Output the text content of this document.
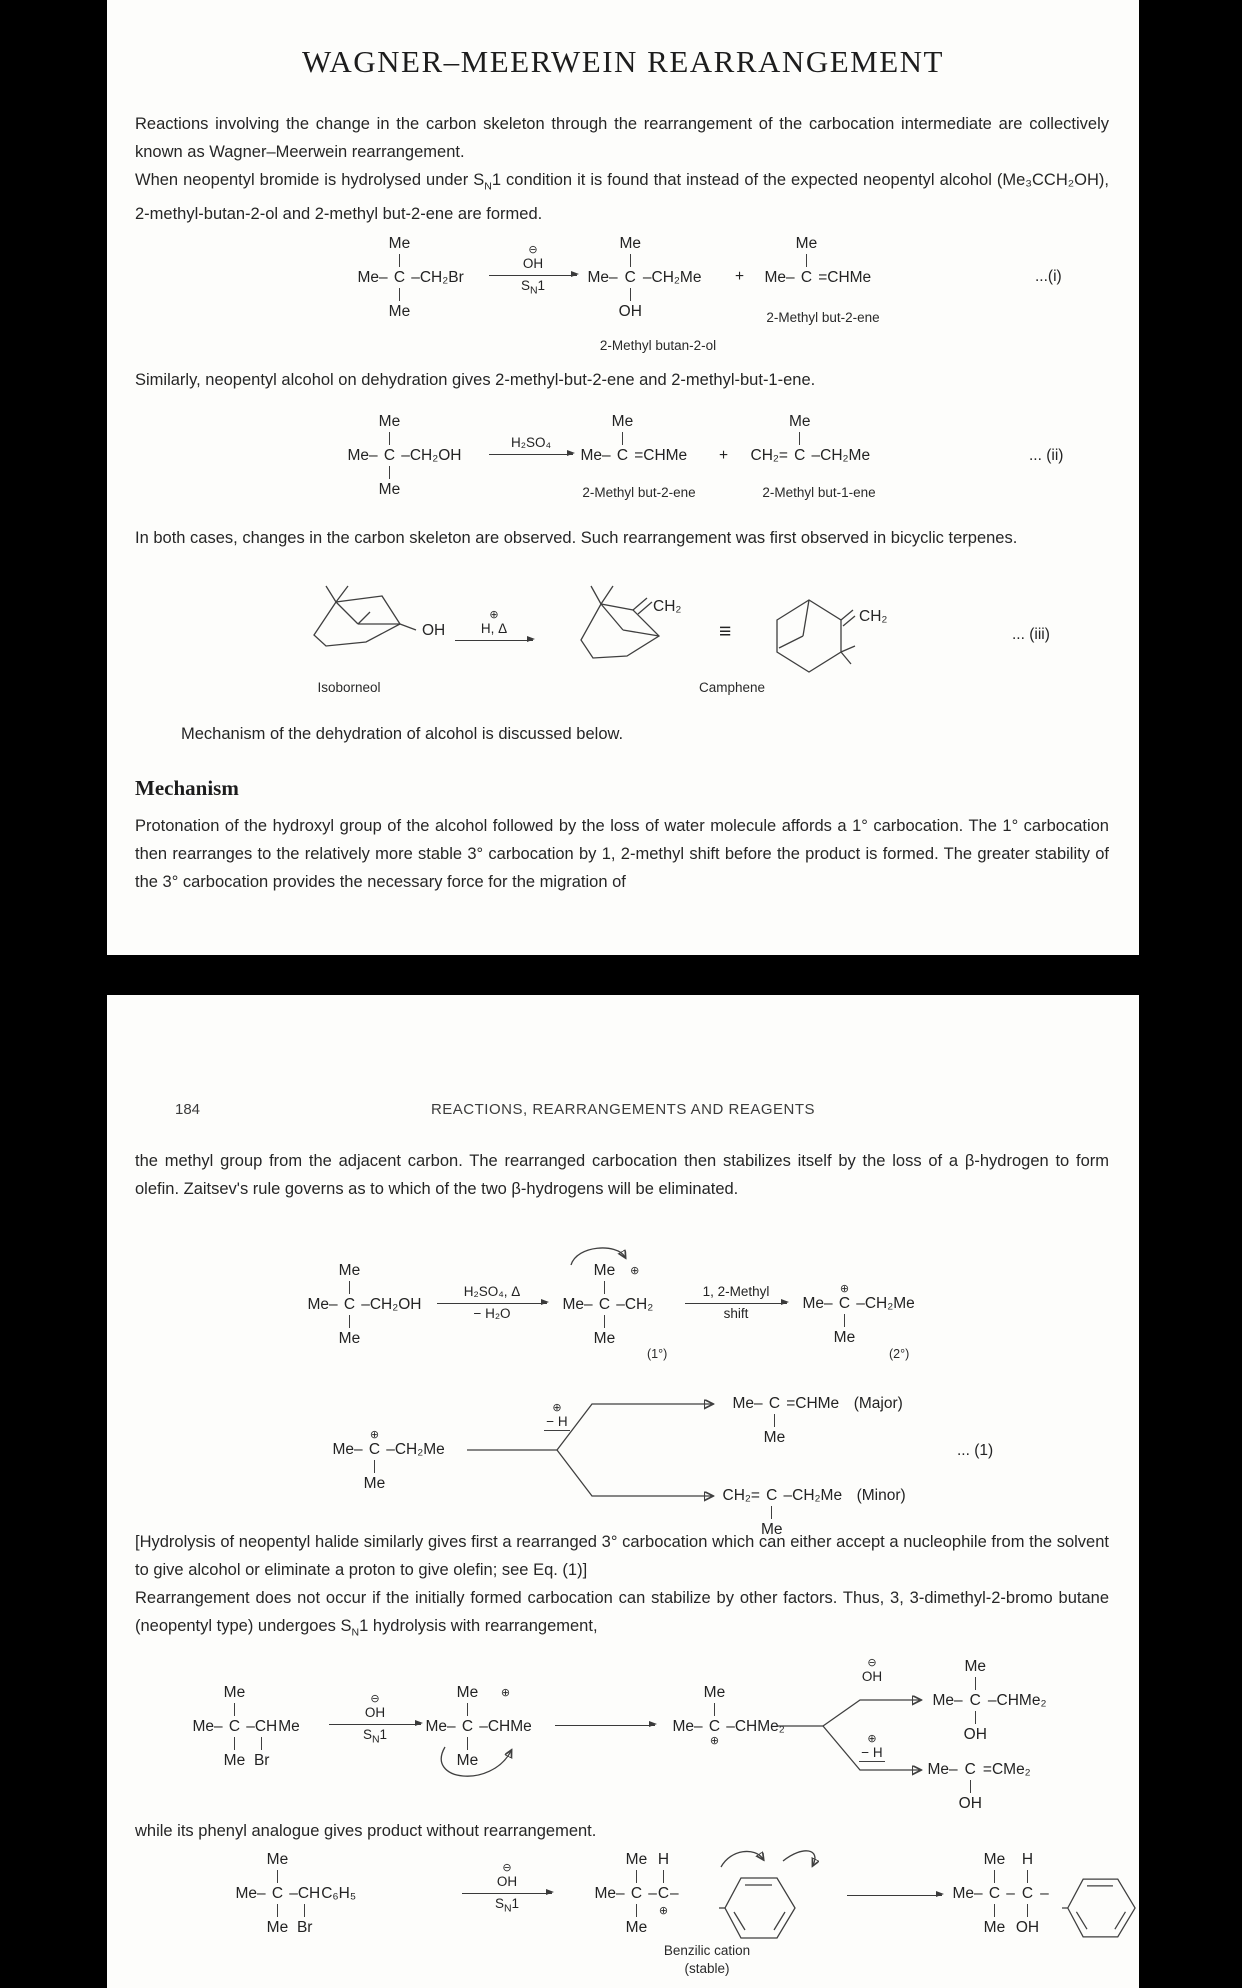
WAGNER–MEERWEIN REARRANGEMENT
Reactions involving the change in the carbon skeleton through the rearrangement of the carbocation intermediate are collectively known as Wagner–Meerwein rearrangement.
When neopentyl bromide is hydrolysed under $S_N1$ condition it is found that instead of the expected neopentyl alcohol (Me₃CCH₂OH), 2-methyl-butan-2-ol and 2-methyl but-2-ene are formed.
	Me	

Me–	C	–CH₂Br

	Me	
⊖
OH
$S_N1$
	Me	

Me–	C	–CH₂Me

	OH	
2-Methyl butan-2-ol
+
	Me	

Me–	C	=CHMe
2-Methyl but-2-ene
...(i)
Similarly, neopentyl alcohol on dehydration gives 2-methyl-but-2-ene and 2-methyl-but-1-ene.
	Me	

Me–	C	–CH₂OH

	Me	
H₂SO₄
	Me	

Me–	C	=CHMe
2-Methyl but-2-ene
+
	Me	

CH₂=	C	–CH₂Me
2-Methyl but-1-ene
... (ii)
In both cases, changes in the carbon skeleton are observed. Such rearrangement was first observed in bicyclic terpenes.
OH
Isoborneol
⊕
H, Δ
CH₂
≡
CH₂
Camphene
... (iii)
Mechanism of the dehydration of alcohol is discussed below.
Mechanism
Protonation of the hydroxyl group of the alcohol followed by the loss of water molecule affords a 1° carbocation. The 1° carbocation then rearranges to the relatively more stable 3° carbocation by 1, 2-methyl shift before the product is formed. The greater stability of the 3° carbocation provides the necessary force for the migration of
184	REACTIONS, REARRANGEMENTS AND REAGENTS
the methyl group from the adjacent carbon. The rearranged carbocation then stabilizes itself by the loss of a β-hydrogen to form olefin. Zaitsev's rule governs as to which of the two β-hydrogens will be eliminated.
	Me	

Me–	C	–CH₂OH

	Me	
H₂SO₄, Δ
− H₂O
	Me	⊕

Me–	C	–CH₂

	Me	
(1°)
1, 2-Methyl
shift
	⊕	
Me–	C	–CH₂Me

	Me	
(2°)
	⊕	
Me–	C	–CH₂Me

	Me	
⊕
− H
Me–	C	=CHMe	(Major)

	Me		
CH₂=	C	–CH₂Me	(Minor)

	Me		
... (1)
[Hydrolysis of neopentyl halide similarly gives first a rearranged 3° carbocation which can either accept a nucleophile from the solvent to give alcohol or eliminate a proton to give olefin; see Eq. (1)]
Rearrangement does not occur if the initially formed carbocation can stabilize by other factors. Thus, 3, 3-dimethyl-2-bromo butane (neopentyl type) undergoes $S_N1$ hydrolysis with rearrangement,
	Me		

Me–	C	–CH	Me

	Me	Br	
⊖
OH
$S_N1$
	Me	⊕

Me–	C	–CHMe

	Me	
	Me	

Me–	C	–CHMe₂
	⊕	
⊖
OH
⊕
− H
	Me	

Me–	C	–CHMe₂

	OH	
Me–	C	=CMe₂

	OH	
while its phenyl analogue gives product without rearrangement.
	Me		

Me–	C	–CH	C₆H₅

	Me	Br	
⊖
OH
$S_N1$
	Me		H	

Me–	C	–	C	–

		⊕	
	Me			
Benzilic cation
(stable)
	Me		H	

Me–	C	–	C	–

	Me		OH	
